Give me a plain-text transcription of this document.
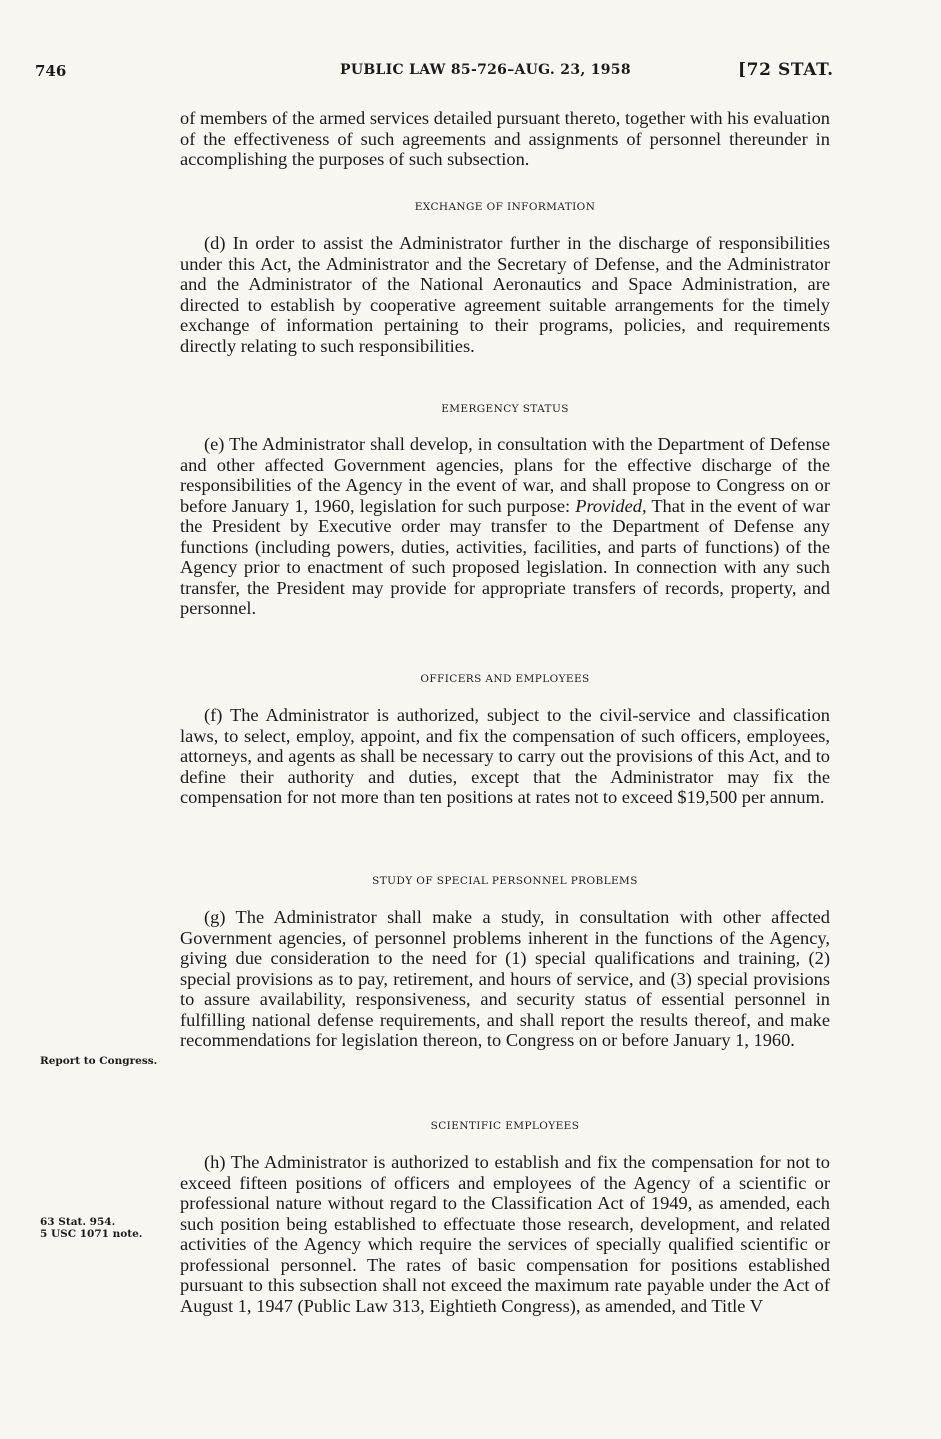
746	PUBLIC LAW 85-726–AUG. 23, 1958	[72 STAT.

of members of the armed services detailed pursuant thereto, together with his evaluation of the effectiveness of such agreements and assignments of personnel thereunder in accomplishing the purposes of such subsection.

EXCHANGE OF INFORMATION

(d) In order to assist the Administrator further in the discharge of responsibilities under this Act, the Administrator and the Secretary of Defense, and the Administrator and the Administrator of the National Aeronautics and Space Administration, are directed to establish by cooperative agreement suitable arrangements for the timely exchange of information pertaining to their programs, policies, and requirements directly relating to such responsibilities.

EMERGENCY STATUS

(e) The Administrator shall develop, in consultation with the Department of Defense and other affected Government agencies, plans for the effective discharge of the responsibilities of the Agency in the event of war, and shall propose to Congress on or before January 1, 1960, legislation for such purpose: Provided, That in the event of war the President by Executive order may transfer to the Department of Defense any functions (including powers, duties, activities, facilities, and parts of functions) of the Agency prior to enactment of such proposed legislation. In connection with any such transfer, the President may provide for appropriate transfers of records, property, and personnel.

OFFICERS AND EMPLOYEES

(f) The Administrator is authorized, subject to the civil-service and classification laws, to select, employ, appoint, and fix the compensation of such officers, employees, attorneys, and agents as shall be necessary to carry out the provisions of this Act, and to define their authority and duties, except that the Administrator may fix the compensation for not more than ten positions at rates not to exceed $19,500 per annum.

STUDY OF SPECIAL PERSONNEL PROBLEMS

(g) The Administrator shall make a study, in consultation with other affected Government agencies, of personnel problems inherent in the functions of the Agency, giving due consideration to the need for (1) special qualifications and training, (2) special provisions as to pay, retirement, and hours of service, and (3) special provisions to assure availability, responsiveness, and security status of essential personnel in fulfilling national defense requirements, and shall report the results thereof, and make recommendations for legislation thereon, to Congress on or before January 1, 1960.

SCIENTIFIC EMPLOYEES

(h) The Administrator is authorized to establish and fix the compensation for not to exceed fifteen positions of officers and employees of the Agency of a scientific or professional nature without regard to the Classification Act of 1949, as amended, each such position being established to effectuate those research, development, and related activities of the Agency which require the services of specially qualified scientific or professional personnel. The rates of basic compensation for positions established pursuant to this subsection shall not exceed the maximum rate payable under the Act of August 1, 1947 (Public Law 313, Eightieth Congress), as amended, and Title V

Report to Congress.
63 Stat. 954.
5 USC 1071 note.
